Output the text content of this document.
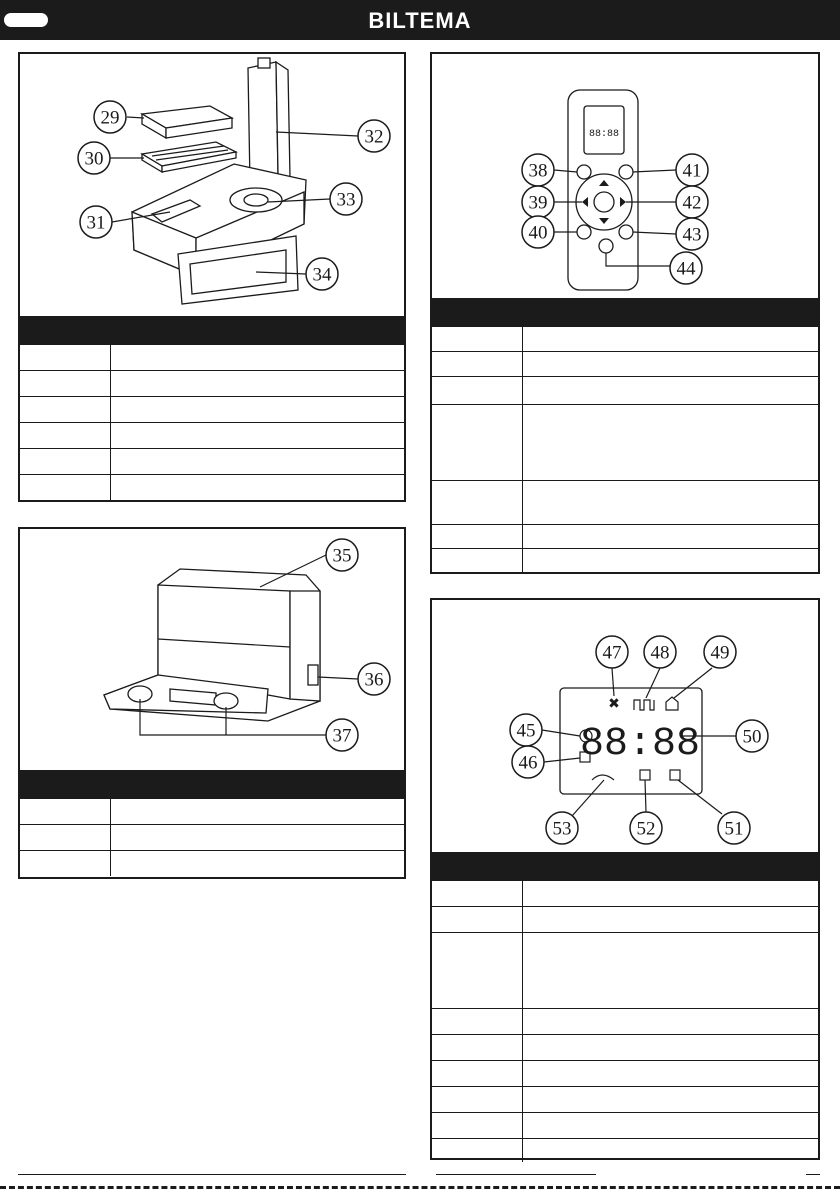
BILTEMA
29
30
31
32
33
34
35
36
37
88:88
38
39
40
41
42
43
44
88:88
✖
45
46
47 48 49
50
51
52
53
